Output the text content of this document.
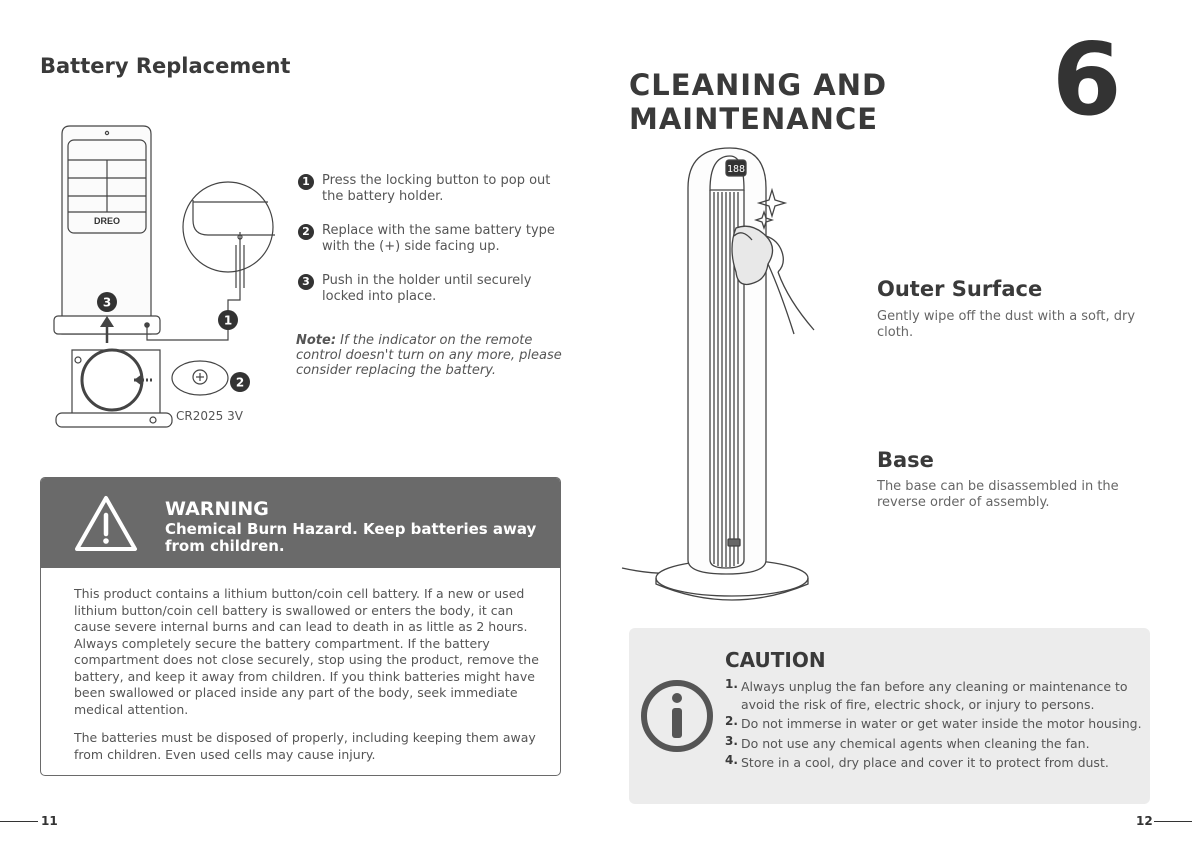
Battery Replacement
DREO
3
1
2
CR2025 3V
1 Press the locking button to pop out the battery holder.
2 Replace with the same battery type with the (+) side facing up.
3 Push in the holder until securely locked into place.
Note: If the indicator on the remote control doesn't turn on any more, please consider replacing the battery.
WARNING
Chemical Burn Hazard. Keep batteries away from children.

This product contains a lithium button/coin cell battery. If a new or used lithium button/coin cell battery is swallowed or enters the body, it can cause severe internal burns and can lead to death in as little as 2 hours. Always completely secure the battery compartment. If the battery compartment does not close securely, stop using the product, remove the battery, and keep it away from children. If you think batteries might have been swallowed or placed inside any part of the body, seek immediate medical attention.

The batteries must be disposed of properly, including keeping them away from children. Even used cells may cause injury.

11
CLEANING AND
MAINTENANCE 6
188
Outer Surface
Gently wipe off the dust with a soft, dry cloth.
Base
The base can be disassembled in the reverse order of assembly.
CAUTION
1. Always unplug the fan before any cleaning or maintenance to avoid the risk of fire, electric shock, or injury to persons.
2. Do not immerse in water or get water inside the motor housing.
3. Do not use any chemical agents when cleaning the fan.
4. Store in a cool, dry place and cover it to protect from dust.
12
